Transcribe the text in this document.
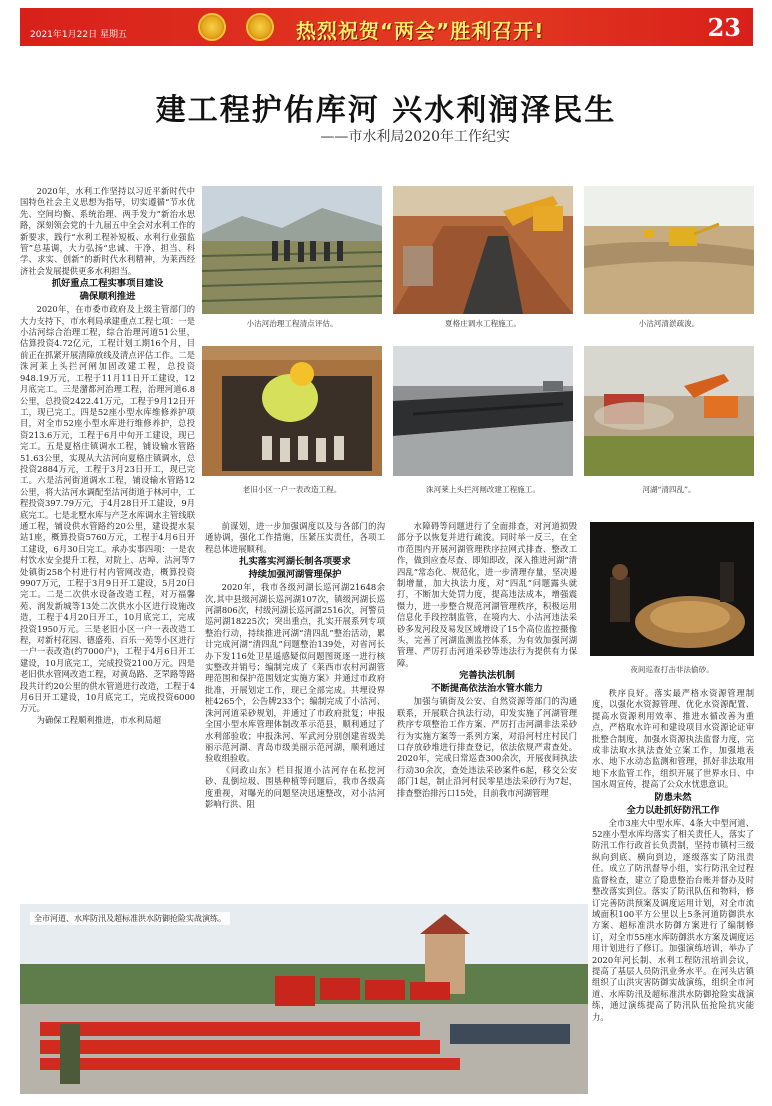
2021年1月22日 星期五	热烈祝贺“两会”胜利召开!	23
建工程护佑库河 兴水利润泽民生
——市水利局2020年工作纪实

2020年，水利工作坚持以习近平新时代中国特色社会主义思想为指导，切实遵循“节水优先、空间均衡、系统治理、两手发力”新治水思路，深刻领会党的十九届五中全会对水利工作的新要求，践行“水利工程补短板、水利行业强监管”总基调，大力弘扬“忠诚、干净、担当、科学、求实、创新”的新时代水利精神，为莱西经济社会发展提供更多水利担当。

抓好重点工程实事项目建设
确保顺利推进

2020年，在市委市政府及上级主管部门的大力支持下，市水利局承建重点工程七项：一是小沽河综合治理工程，综合治理河道51公里，估算投资4.72亿元，工程计划工期16个月，目前正在抓紧开展清障放线及清点评估工作。二是洙河莱上头拦河闸加固改建工程，总投资948.19万元，工程于11月11日开工建设，12月底完工。三是潴都河治理工程，治理河道6.8公里，总投资2422.41万元，工程于9月12日开工，现已完工。四是52座小型水库维修养护项目，对全市52座小型水库进行维修养护，总投资213.6万元，工程于6月中旬开工建设，现已完工。五是夏格庄镇调水工程，铺设输水管路51.63公里，实现从大沽河向夏格庄镇调水，总投资2884万元，工程于3月23日开工，现已完工。六是沽河街道调水工程，铺设输水管路12公里，将大沽河水调配至沽河街道于林河中，工程投资397.79万元，于4月28日开工建设，9月底完工。七是北墅水库与产芝水库调水主管线联通工程，铺设供水管路约20公里，建设提水泵站1座，概算投资5760万元，工程于4月6日开工建设，6月30日完工。承办实事四项：一是农村饮水安全提升工程，对院上、店埠、沽河等7处镇街258个村进行村内管网改造，概算投资9907万元，工程于3月9日开工建设，5月20日完工。二是二次供水设备改造工程，对万福馨苑、润发新城等13处二次供水小区进行设施改造，工程于4月20日开工，10月底完工，完成投资1950万元。三是老旧小区一户一表改造工程，对新村花园、德盛苑、百乐一苑等小区进行一户一表改造(约7000户)，工程于4月6日开工建设，10月底完工，完成投资2100万元。四是老旧供水管网改造工程，对黄岛路、芝罘路等路段共计约20公里的供水管道进行改造，工程于4月6日开工建设，10月底完工，完成投资6000万元。

为确保工程顺利推进，市水利局超

小沽河治理工程清点评估。	夏格庄调水工程施工。	小沽河清淤疏浚。
老旧小区一户一表改造工程。	洙河莱上头拦河闸改建工程施工。	河湖“清四乱”。

前谋划，进一步加强调度以及与各部门的沟通协调，强化工作措施，压紧压实责任，各项工程总体进展顺利。

扎实落实河湖长制各项要求
持续加强河湖管理保护

2020年，我市各级河湖长巡河湖21648余次,其中县级河湖长巡河湖107次，镇级河湖长巡河湖806次，村级河湖长巡河湖2516次，河警员巡河湖18225次；突出重点，扎实开展系列专项整治行动，持续推进河湖“清四乱”整治活动，累计完成河湖“清四乱”问题整治139处，对省河长办下发116处卫星遥感疑似问题图斑逐一进行核实整改并销号；编制完成了《莱西市农村河湖管理范围和保护范围划定实施方案》并通过市政府批准，开展划定工作，现已全部完成。共埋设界桩4265个，公告牌233个；编制完成了小沽河、洙河河道采砂规划，并通过了市政府批复；申报全国小型水库管理体制改革示范县，顺利通过了水利部验收；申报洙河、军武河分别创建省级美丽示范河湖、青岛市级美丽示范河湖，顺利通过验收组验收。

《问政山东》栏目报道小沽河存在私挖河砂、乱倒垃圾、围垦种植等问题后，我市各级高度重视，对曝光的问题坚决迅速整改，对小沽河影响行洪、阻

水障碍等问题进行了全面排查，对河道损毁部分予以恢复并进行疏浚。同时举一反三，在全市范围内开展河湖管理秩序拉网式排查、整改工作，做到应查尽查、即知即改，深入推进河湖“清四乱”常态化、规范化，进一步清理存量，坚决遏制增量，加大执法力度，对“四乱”问题露头就打，不断加大处罚力度，提高违法成本，增强震慑力，进一步整合规范河湖管理秩序，积极运用信息化手段控制监管，在境内大、小沽河违法采砂多发河段及易发区域增设了15个高位监控摄像头，完善了河湖监测监控体系，为有效加强河湖管理、严厉打击河道采砂等违法行为提供有力保障。

完善执法机制
不断提高依法治水管水能力

加强与镇街及公安、自然资源等部门的沟通联系，开展联合执法行动，印发实施了河湖管理秩序专项整治工作方案、严厉打击河湖非法采砂行为实施方案等一系列方案，对沿河村庄村民门口存放砂堆进行排查登记，依法依规严肃查处。2020年，完成日常巡查300余次，开展夜间执法行动30余次，查处违法采砂案件6起，移交公安部门1起，制止沿河村民零星违法采砂行为7起，排查整治排污口15处，目前我市河湖管理

夜间巡查打击非法偷砂。

秩序良好。落实最严格水资源管理制度，以强化水资源管理、优化水资源配置、提高水资源利用效率、推进水循改善为重点，严格取水许可和建设项目水资源论证审批整合制度，加强水资源执法监督力度，完成非法取水执法查处立案工作，加强地表水、地下水动态监测和管理，抓好非法取用地下水监管工作，组织开展了世界水日、中国水周宣传，提高了公众水忧患意识。

防患未然
全力以赴抓好防汛工作

全市3座大中型水库、4条大中型河道、52座小型水库均落实了相关责任人，落实了防汛工作行政首长负责制，坚持市镇村三级纵向到底、横向到边，逐级落实了防汛责任。成立了防汛督导小组，实行防汛全过程监督检查，建立了隐患整治台账并督办及时整改落实到位。落实了防汛队伍和物料，修订完善防洪预案及调度运用计划，对全市流域面积100平方公里以上5条河道防御洪水方案、超标准洪水防御方案进行了编制修订，对全市55座水库防御洪水方案及调度运用计划进行了修订。加强演练培训，举办了2020年河长制、水利工程防汛培训会议，提高了基层人员防汛业务水平。在河头店镇组织了山洪灾害防御实战演练，组织全市河道、水库防汛及超标准洪水防御抢险实战演练，通过演练提高了防汛队伍抢险抗灾能力。

全市河道、水库防汛及超标准洪水防御抢险实战演练。
